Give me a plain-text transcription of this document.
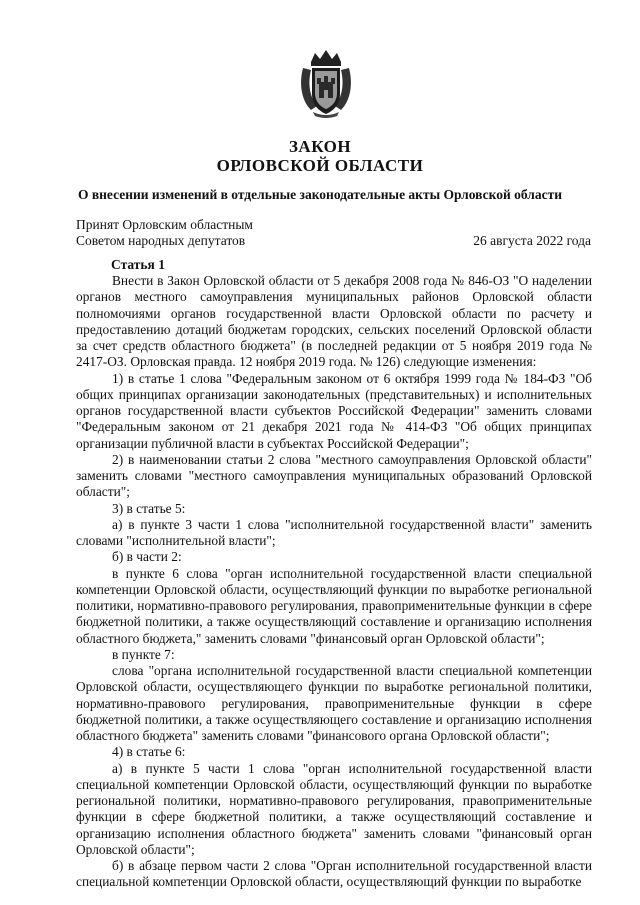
ЗАКОН
ОРЛОВСКОЙ ОБЛАСТИ
О внесении изменений в отдельные законодательные акты Орловской области
Принят Орловским областным
Советом народных депутатов	26 августа 2022 года
Статья 1

Внести в Закон Орловской области от 5 декабря 2008 года № 846-ОЗ "О наделении органов местного самоуправления муниципальных районов Орловской области полномочиями органов государственной власти Орловской области по расчету и предоставлению дотаций бюджетам городских, сельских поселений Орловской области за счет средств областного бюджета" (в последней редакции от 5 ноября 2019 года № 2417-ОЗ. Орловская правда. 12 ноября 2019 года. № 126) следующие изменения:

1) в статье 1 слова "Федеральным законом от 6 октября 1999 года № 184-ФЗ "Об общих принципах организации законодательных (представительных) и исполнительных органов государственной власти субъектов Российской Федерации" заменить словами "Федеральным законом от 21 декабря 2021 года № 414-ФЗ "Об общих принципах организации публичной власти в субъектах Российской Федерации";

2) в наименовании статьи 2 слова "местного самоуправления Орловской области" заменить словами "местного самоуправления муниципальных образований Орловской области";

3) в статье 5:

а) в пункте 3 части 1 слова "исполнительной государственной власти" заменить словами "исполнительной власти";

б) в части 2:

в пункте 6 слова "орган исполнительной государственной власти специальной компетенции Орловской области, осуществляющий функции по выработке региональной политики, нормативно-правового регулирования, правоприменительные функции в сфере бюджетной политики, а также осуществляющий составление и организацию исполнения областного бюджета," заменить словами "финансовый орган Орловской области";

в пункте 7:

слова "органа исполнительной государственной власти специальной компетенции Орловской области, осуществляющего функции по выработке региональной политики, нормативно-правового регулирования, правоприменительные функции в сфере бюджетной политики, а также осуществляющего составление и организацию исполнения областного бюджета" заменить словами "финансового органа Орловской области";

4) в статье 6:

а) в пункте 5 части 1 слова "орган исполнительной государственной власти специальной компетенции Орловской области, осуществляющий функции по выработке региональной политики, нормативно-правового регулирования, правоприменительные функции в сфере бюджетной политики, а также осуществляющий составление и организацию исполнения областного бюджета" заменить словами "финансовый орган Орловской области";

б) в абзаце первом части 2 слова "Орган исполнительной государственной власти специальной компетенции Орловской области, осуществляющий функции по выработке
